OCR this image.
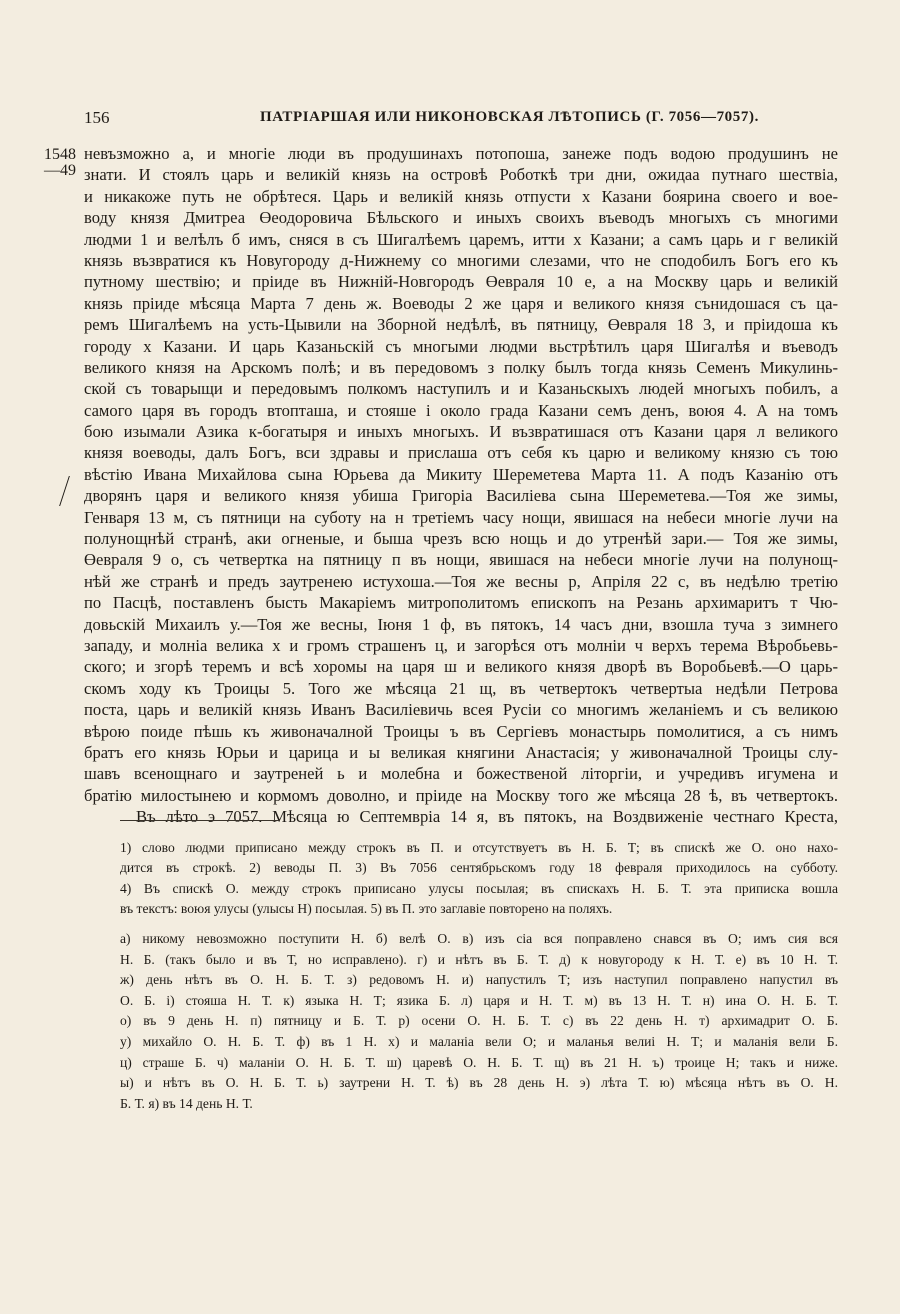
156	ПАТРІАРШАЯ ИЛИ НИКОНОВСКАЯ ЛѢТОПИСЬ (Г. 7056—7057).
1548
—49
невъзможно а, и многіе люди въ продушинахъ потопоша, занеже подъ водою продушинъ не
знати. И стоялъ царь и великій князь на островѣ Роботкѣ три дни, ожидаа путнаго шествіа,
и никакоже путь не обрѣтеся. Царь и великій князь отпусти х Казани боярина своего и вое-
воду князя Дмитреа Өеодоровича Бѣльского и иныхъ своихъ въеводъ многыхъ съ многими
людми 1 и велѣлъ б имъ, сняся в съ Шигалѣемъ царемъ, итти х Казани; а самъ царь и г великій
князь възвратися къ Новугороду д-Нижнему со многими слезами, что не сподобилъ Богъ его къ
путному шествію; и пріиде въ Нижній-Новгородъ Өевраля 10 е, а на Москву царь и великій
князь пріиде мѣсяца Марта 7 день ж. Воеводы 2 же царя и великого князя сънидошася съ ца-
ремъ Шигалѣемъ на усть-Цывили на Зборной недѣлѣ, въ пятницу, Өевраля 18 3, и пріидоша къ
городу х Казани. И царь Казаньскій съ многыми людми вьстрѣтилъ царя Шигалѣя и въеводъ
великого князя на Арскомъ полѣ; и въ передовомъ з полку былъ тогда князь Семенъ Микулинь-
ской съ товарыщи и передовымъ полкомъ наступилъ и и Казаньскыхъ людей многыхъ побилъ, а
самого царя въ городъ втопташа, и стояше і около града Казани семъ денъ, воюя 4. А на томъ
бою изымали Азика к-богатыря и иныхъ многыхъ. И възвратишася отъ Казани царя л великого
князя воеводы, далъ Богъ, вси здравы и прислаша отъ себя къ царю и великому князю съ тою
вѣстію Ивана Михайлова сына Юрьева да Микиту Шереметева Марта 11. А подъ Казанію отъ
дворянъ царя и великого князя убиша Григоріа Василіева сына Шереметева.—Тоя же зимы,
Генваря 13 м, съ пятници на суботу на н третіемъ часу нощи, явишася на небеси многіе лучи на
полунощнѣй странѣ, аки огненые, и быша чрезъ всю нощь и до утренѣй зари.— Тоя же зимы,
Өевраля 9 о, съ четвертка на пятницу п въ нощи, явишася на небеси многіе лучи на полунощ-
нѣй же странѣ и предъ заутренею истухоша.—Тоя же весны р, Апріля 22 с, въ недѣлю третію
по Пасцѣ, поставленъ бысть Макаріемъ митрополитомъ епископъ на Резань архимаритъ т Чю-
довьскій Михаилъ у.—Тоя же весны, Іюня 1 ф, въ пятокъ, 14 часъ дни, взошла туча з зимнего
западу, и молніа велика х и громъ страшенъ ц, и загорѣся отъ молніи ч верхъ терема Вѣробьевь-
ского; и згорѣ теремъ и всѣ хоромы на царя ш и великого князя дворѣ въ Воробьевѣ.—О царь-
скомъ ходу къ Троицы 5. Того же мѣсяца 21 щ, въ четвертокъ четвертыа недѣли Петрова
поста, царь и великій князь Иванъ Василіевичь всея Русіи со многимъ желаніемъ и съ великою
вѣрою поиде пѣшь къ живоначалной Троицы ъ въ Сергіевъ монастырь помолитися, а съ нимъ
братъ его князь Юрьи и царица и ы великая княгини Анастасія; у живоначалной Троицы слу-
шавъ всенощнаго и заутреней ь и молебна и божественой літоргіи, и учредивъ игумена и
братію милостынею и кормомъ доволно, и пріиде на Москву того же мѣсяца 28 ѣ, въ четвертокъ.
Въ лѣто э 7057. Мѣсяца ю Септемвріа 14 я, въ пятокъ, на Воздвиженіе честнаго Креста,
1) слово людми приписано между строкъ въ П. и отсутствуетъ въ Н. Б. Т; въ спискѣ же О. оно нахо-
дится въ строкѣ. 2) веводы П. 3) Въ 7056 сентябрьскомъ году 18 февраля приходилось на субботу.
4) Въ спискѣ О. между строкъ приписано улусы посылая; въ спискахъ Н. Б. Т. эта приписка вошла
въ текстъ: воюя улусы (улысы Н) посылая. 5) въ П. это заглавіе повторено на поляхъ.
а) никому невозможно поступити Н. б) велѣ О. в) изъ сіа вся поправлено снався въ О; имъ сия вся
Н. Б. (такъ было и въ Т, но исправлено). г) и нѣтъ въ Б. Т. д) к новугороду к Н. Т. е) въ 10 Н. Т.
ж) день нѣтъ въ О. Н. Б. Т. з) редовомъ Н. и) напустилъ Т; изъ наступил поправлено напустил въ
О. Б. і) стояша Н. Т. к) языка Н. Т; язика Б. л) царя и Н. Т. м) въ 13 Н. Т. н) ина О. Н. Б. Т.
о) въ 9 день Н. п) пятницу и Б. Т. р) осени О. Н. Б. Т. с) въ 22 день Н. т) архимадрит О. Б.
у) михайло О. Н. Б. Т. ф) въ 1 Н. х) и маланіа вели О; и маланья велиі Н. Т; и маланія вели Б.
ц) страше Б. ч) маланіи О. Н. Б. Т. ш) царевѣ О. Н. Б. Т. щ) въ 21 Н. ъ) троице Н; такъ и ниже.
ы) и нѣтъ въ О. Н. Б. Т. ь) заутрени Н. Т. ѣ) въ 28 день Н. э) лѣта Т. ю) мѣсяца нѣтъ въ О. Н.
Б. Т. я) въ 14 день Н. Т.
